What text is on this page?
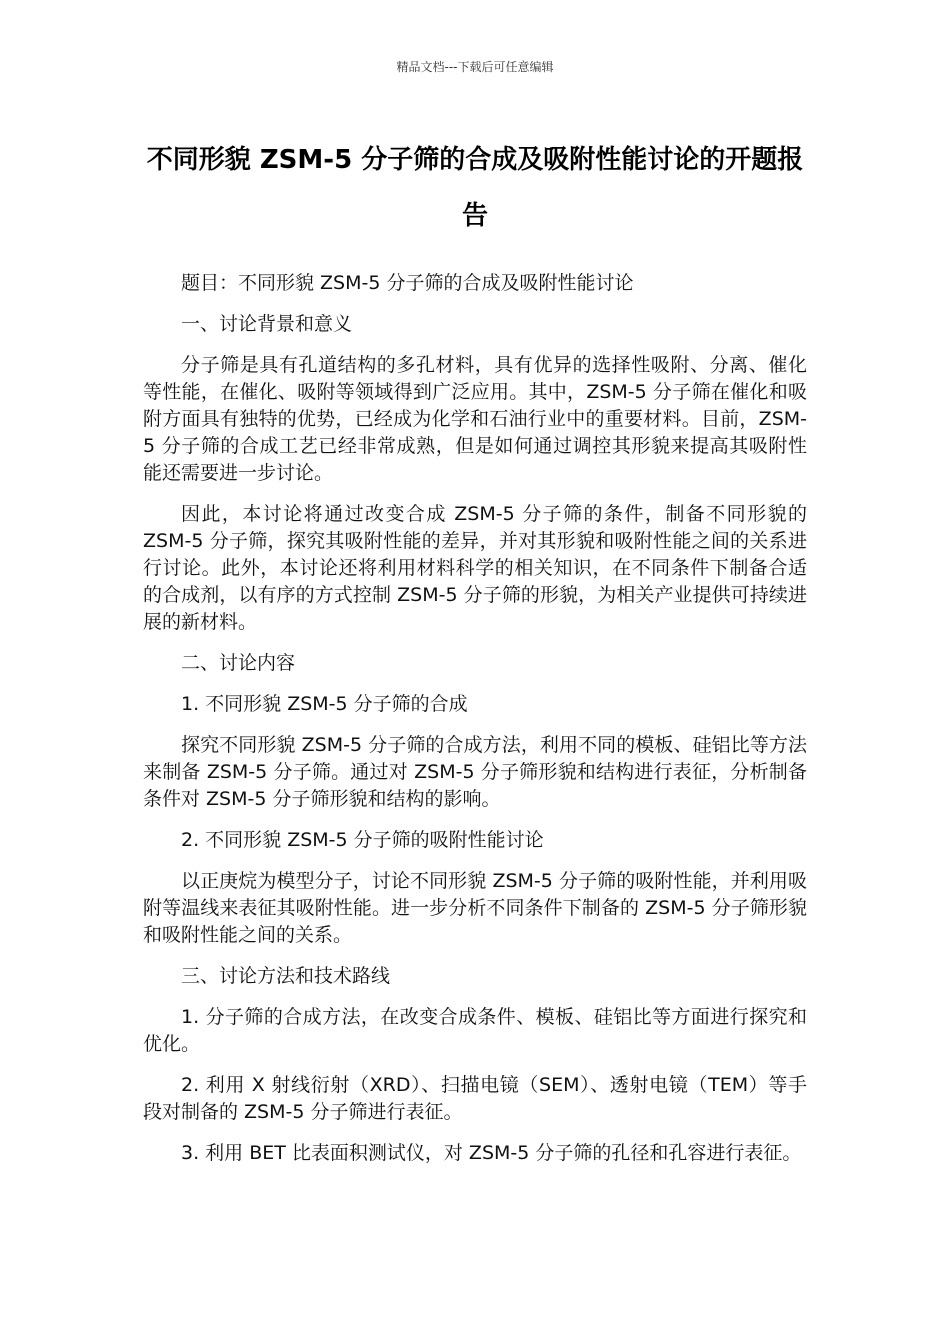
精品文档---下载后可任意编辑
不同形貌 ZSM-5 分子筛的合成及吸附性能讨论的开题报告

题目：不同形貌 ZSM-5 分子筛的合成及吸附性能讨论

一、讨论背景和意义

分子筛是具有孔道结构的多孔材料，具有优异的选择性吸附、分离、催化等性能，在催化、吸附等领域得到广泛应用。其中，ZSM-5 分子筛在催化和吸附方面具有独特的优势，已经成为化学和石油行业中的重要材料。目前，ZSM-5 分子筛的合成工艺已经非常成熟，但是如何通过调控其形貌来提高其吸附性能还需要进一步讨论。

因此，本讨论将通过改变合成 ZSM-5 分子筛的条件，制备不同形貌的 ZSM-5 分子筛，探究其吸附性能的差异，并对其形貌和吸附性能之间的关系进行讨论。此外，本讨论还将利用材料科学的相关知识，在不同条件下制备合适的合成剂，以有序的方式控制 ZSM-5 分子筛的形貌，为相关产业提供可持续进展的新材料。

二、讨论内容

1. 不同形貌 ZSM-5 分子筛的合成

探究不同形貌 ZSM-5 分子筛的合成方法，利用不同的模板、硅铝比等方法来制备 ZSM-5 分子筛。通过对 ZSM-5 分子筛形貌和结构进行表征，分析制备条件对 ZSM-5 分子筛形貌和结构的影响。

2. 不同形貌 ZSM-5 分子筛的吸附性能讨论

以正庚烷为模型分子，讨论不同形貌 ZSM-5 分子筛的吸附性能，并利用吸附等温线来表征其吸附性能。进一步分析不同条件下制备的 ZSM-5 分子筛形貌和吸附性能之间的关系。

三、讨论方法和技术路线

1. 分子筛的合成方法，在改变合成条件、模板、硅铝比等方面进行探究和优化。

2. 利用 X 射线衍射（XRD）、扫描电镜（SEM）、透射电镜（TEM）等手段对制备的 ZSM-5 分子筛进行表征。

3. 利用 BET 比表面积测试仪，对 ZSM-5 分子筛的孔径和孔容进行表征。
